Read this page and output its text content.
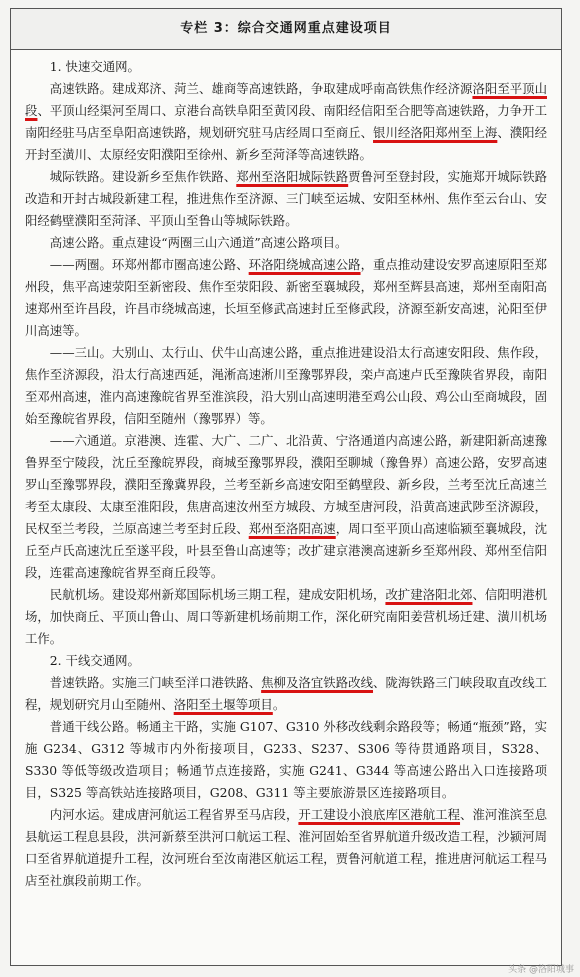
专栏 3：综合交通网重点建设项目

1. 快速交通网。

高速铁路。建成郑济、菏兰、雄商等高速铁路，争取建成呼南高铁焦作经济源洛阳至平顶山段、平顶山经渠河至周口、京港台高铁阜阳至黄冈段、南阳经信阳至合肥等高速铁路，力争开工南阳经驻马店至阜阳高速铁路，规划研究驻马店经周口至商丘、银川经洛阳郑州至上海、濮阳经开封至潢川、太原经安阳濮阳至徐州、新乡至菏泽等高速铁路。

城际铁路。建设新乡至焦作铁路、郑州至洛阳城际铁路贾鲁河至登封段，实施郑开城际铁路改造和开封古城段新建工程，推进焦作至济源、三门峡至运城、安阳至林州、焦作至云台山、安阳经鹤壁濮阳至菏泽、平顶山至鲁山等城际铁路。

高速公路。重点建设“两圈三山六通道”高速公路项目。

——两圈。环郑州都市圈高速公路、环洛阳绕城高速公路，重点推动建设安罗高速原阳至郑州段，焦平高速荥阳至新密段、焦作至荥阳段、新密至襄城段，郑州至辉县高速，郑州至南阳高速郑州至许昌段，许昌市绕城高速，长垣至修武高速封丘至修武段，济源至新安高速，沁阳至伊川高速等。

——三山。大别山、太行山、伏牛山高速公路，重点推进建设沿太行高速安阳段、焦作段，焦作至济源段，沿太行高速西延，渑淅高速淅川至豫鄂界段，栾卢高速卢氏至豫陕省界段，南阳至邓州高速，淮内高速豫皖省界至淮滨段，沿大别山高速明港至鸡公山段、鸡公山至商城段，固始至豫皖省界段，信阳至随州（豫鄂界）等。

——六通道。京港澳、连霍、大广、二广、北沿黄、宁洛通道内高速公路，新建阳新高速豫鲁界至宁陵段，沈丘至豫皖界段，商城至豫鄂界段，濮阳至聊城（豫鲁界）高速公路，安罗高速罗山至豫鄂界段，濮阳至豫冀界段，兰考至新乡高速安阳至鹤壁段、新乡段，兰考至沈丘高速兰考至太康段、太康至淮阳段，焦唐高速汝州至方城段、方城至唐河段，沿黄高速武陟至济源段，民权至兰考段，兰原高速兰考至封丘段、郑州至洛阳高速，周口至平顶山高速临颍至襄城段，沈丘至卢氏高速沈丘至遂平段，叶县至鲁山高速等；改扩建京港澳高速新乡至郑州段、郑州至信阳段，连霍高速豫皖省界至商丘段等。

民航机场。建设郑州新郑国际机场三期工程，建成安阳机场，改扩建洛阳北郊、信阳明港机场，加快商丘、平顶山鲁山、周口等新建机场前期工作，深化研究南阳姜营机场迁建、潢川机场工作。

2. 干线交通网。

普速铁路。实施三门峡至洋口港铁路、焦柳及洛宜铁路改线、陇海铁路三门峡段取直改线工程，规划研究月山至随州、洛阳至土堰等项目。

普通干线公路。畅通主干路，实施 G107、G310 外移改线剩余路段等；畅通“瓶颈”路，实施 G234、G312 等城市内外衔接项目，G233、S237、S306 等待贯通路项目，S328、S330 等低等级改造项目；畅通节点连接路，实施 G241、G344 等高速公路出入口连接路项目，S325 等高铁站连接路项目，G208、G311 等主要旅游景区连接路项目。

内河水运。建成唐河航运工程省界至马店段，开工建设小浪底库区港航工程、淮河淮滨至息县航运工程息县段，洪河新蔡至洪河口航运工程、淮河固始至省界航道升级改造工程，沙颍河周口至省界航道提升工程，汝河班台至汝南港区航运工程，贾鲁河航道工程，推进唐河航运工程马店至社旗段前期工作。

头条 @洛阳城事
